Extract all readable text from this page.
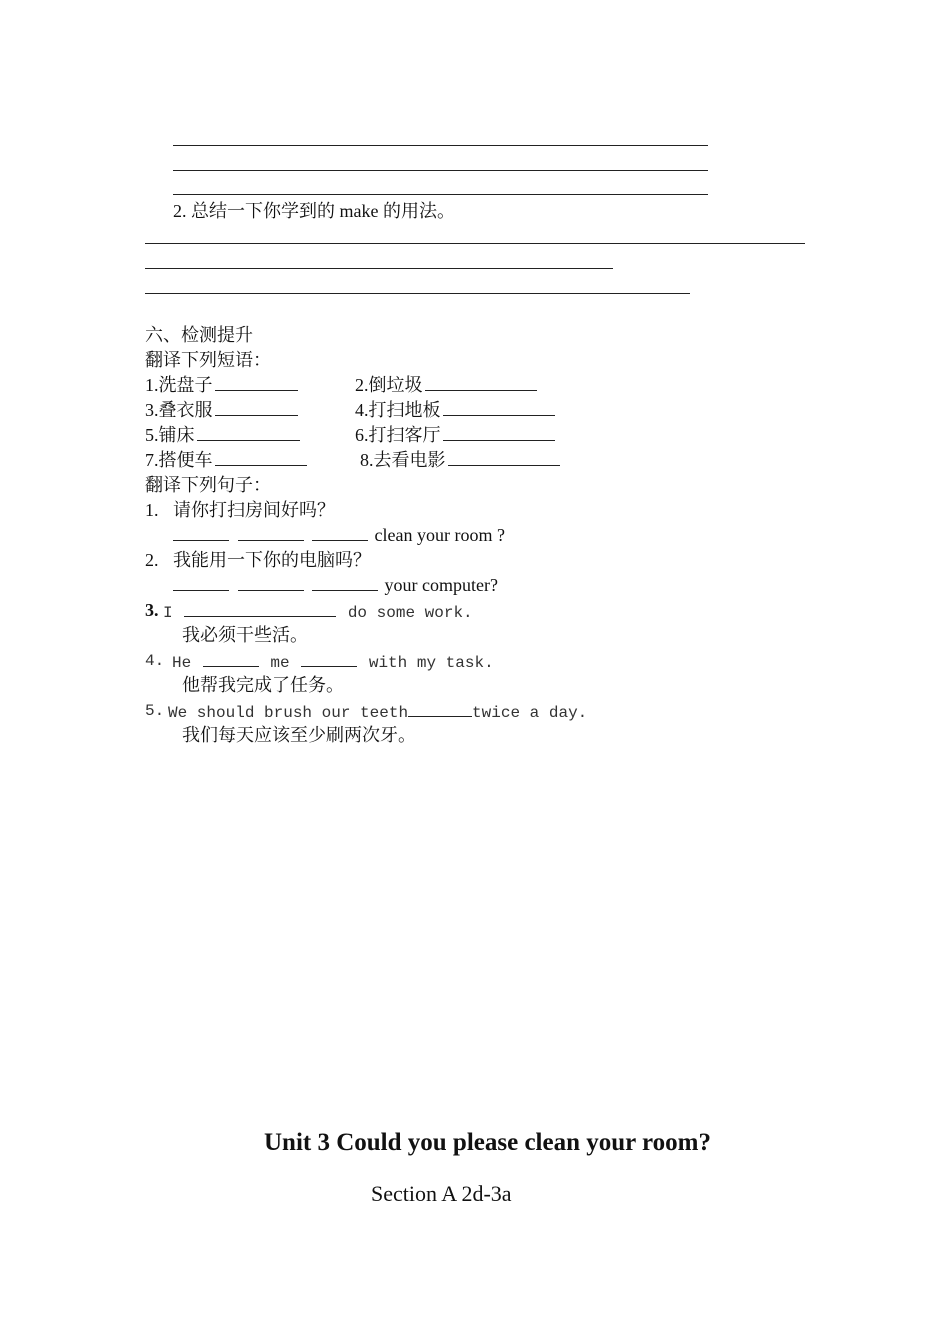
2. 总结一下你学到的 make 的用法。
六、检测提升
翻译下列短语：
1.洗盘子	2.倒垃圾
3.叠衣服	4.打扫地板
5.铺床	6.打扫客厅
7.搭便车	8.去看电影
翻译下列句子：
1. 请你打扫房间好吗？
clean your room ?
2. 我能用一下你的电脑吗？
your computer?
3. I	do some work.
我必须干些活。
4. He	me	with my task.
他帮我完成了任务。
5. We should brush our teeth	twice a day.
我们每天应该至少刷两次牙。
Unit 3 Could you please clean your room?
Section A 2d-3a
